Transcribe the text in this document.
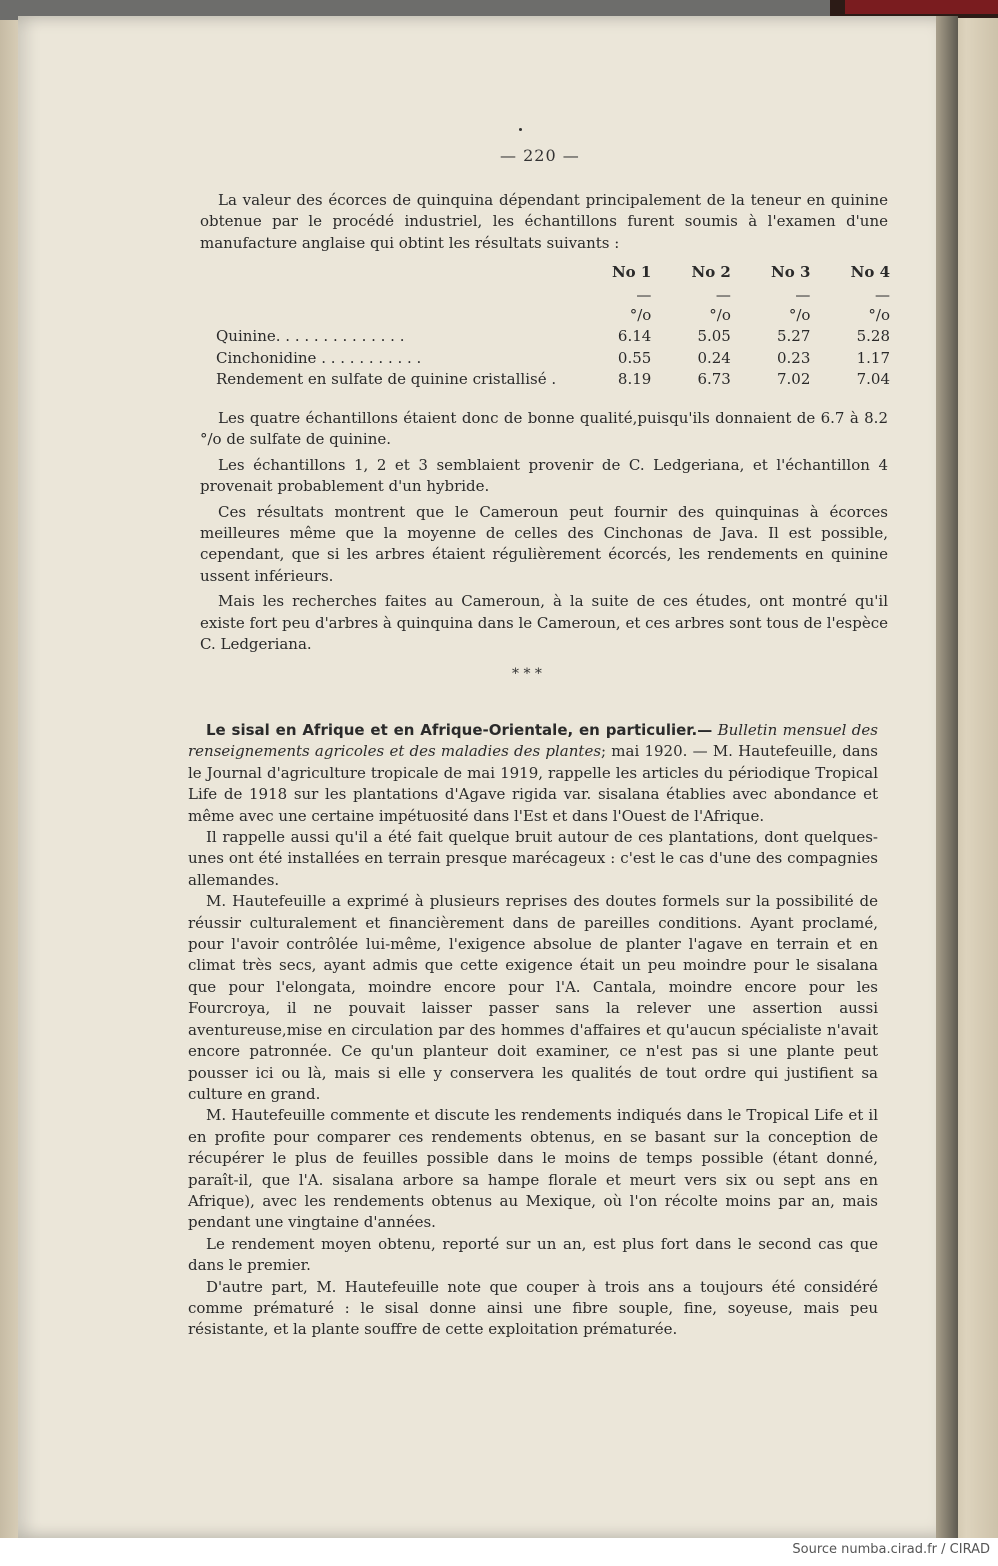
— 220 —

La valeur des écorces de quinquina dépendant principalement de la teneur en quinine obtenue par le procédé industriel, les échantillons furent soumis à l'examen d'une manufacture anglaise qui obtint les résultats suivants :

	No 1	No 2	No 3	No 4
	—	—	—	—
	°/o	°/o	°/o	°/o
Quinine. . . . . . . . . . . . . .	6.14	5.05	5.27	5.28
Cinchonidine . . . . . . . . . . .	0.55	0.24	0.23	1.17
Rendement en sulfate de quinine cristallisé .	8.19	6.73	7.02	7.04

Les quatre échantillons étaient donc de bonne qualité,puisqu'ils donnaient de 6.7 à 8.2 °/o de sulfate de quinine.

Les échantillons 1, 2 et 3 semblaient provenir de C. Ledgeriana, et l'échantillon 4 provenait probablement d'un hybride.

Ces résultats montrent que le Cameroun peut fournir des quinquinas à écorces meilleures même que la moyenne de celles des Cinchonas de Java. Il est possible, cependant, que si les arbres étaient régulièrement écorcés, les rendements en quinine ussent inférieurs.

Mais les recherches faites au Cameroun, à la suite de ces études, ont montré qu'il existe fort peu d'arbres à quinquina dans le Cameroun, et ces arbres sont tous de l'espèce C. Ledgeriana.

* * *

Le sisal en Afrique et en Afrique-Orientale, en particulier.— Bulletin mensuel des renseignements agricoles et des maladies des plantes; mai 1920. — M. Hautefeuille, dans le Journal d'agriculture tropicale de mai 1919, rappelle les articles du périodique Tropical Life de 1918 sur les plantations d'Agave rigida var. sisalana établies avec abondance et même avec une certaine impétuosité dans l'Est et dans l'Ouest de l'Afrique.

Il rappelle aussi qu'il a été fait quelque bruit autour de ces plantations, dont quelques-unes ont été installées en terrain presque marécageux : c'est le cas d'une des compagnies allemandes.

M. Hautefeuille a exprimé à plusieurs reprises des doutes formels sur la possibilité de réussir culturalement et financièrement dans de pareilles conditions. Ayant proclamé, pour l'avoir contrôlée lui-même, l'exigence absolue de planter l'agave en terrain et en climat très secs, ayant admis que cette exigence était un peu moindre pour le sisalana que pour l'elongata, moindre encore pour l'A. Cantala, moindre encore pour les Fourcroya, il ne pouvait laisser passer sans la relever une assertion aussi aventureuse,mise en circulation par des hommes d'affaires et qu'aucun spécialiste n'avait encore patronnée. Ce qu'un planteur doit examiner, ce n'est pas si une plante peut pousser ici ou là, mais si elle y conservera les qualités de tout ordre qui justifient sa culture en grand.

M. Hautefeuille commente et discute les rendements indiqués dans le Tropical Life et il en profite pour comparer ces rendements obtenus, en se basant sur la conception de récupérer le plus de feuilles possible dans le moins de temps possible (étant donné, paraît-il, que l'A. sisalana arbore sa hampe florale et meurt vers six ou sept ans en Afrique), avec les rendements obtenus au Mexique, où l'on récolte moins par an, mais pendant une vingtaine d'années.

Le rendement moyen obtenu, reporté sur un an, est plus fort dans le second cas que dans le premier.

D'autre part, M. Hautefeuille note que couper à trois ans a toujours été considéré comme prématuré : le sisal donne ainsi une fibre souple, fine, soyeuse, mais peu résistante, et la plante souffre de cette exploitation prématurée.

Source numba.cirad.fr / CIRAD
